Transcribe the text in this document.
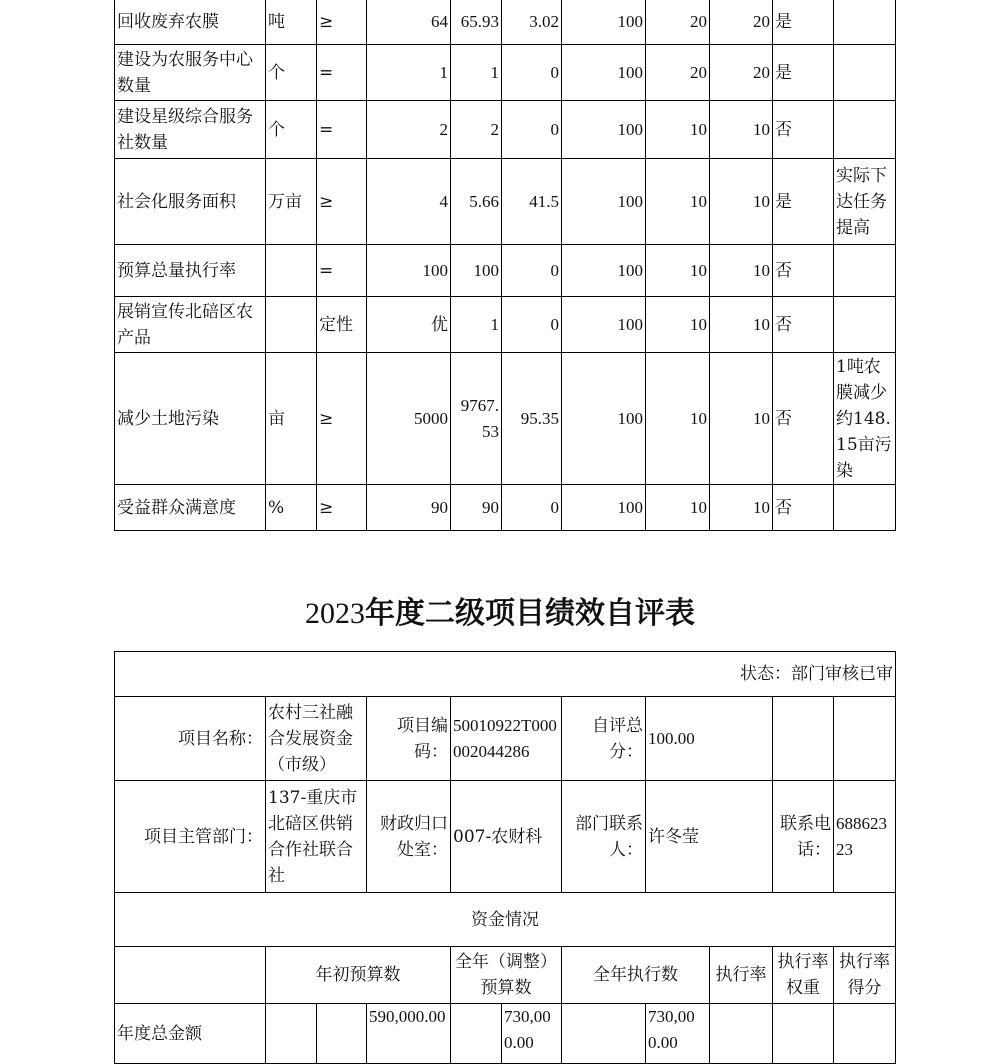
回收废弃农膜	吨	≥	64	65.93	3.02	100	20	20	是	
建设为农服务中心数量	个	=	1	1	0	100	20	20	是	
建设星级综合服务社数量	个	=	2	2	0	100	10	10	否	
社会化服务面积	万亩	≥	4	5.66	41.5	100	10	10	是	实际下达任务提高
预算总量执行率		=	100	100	0	100	10	10	否	
展销宣传北碚区农产品		定性	优	1	0	100	10	10	否	
减少土地污染	亩	≥	5000	9767.53	95.35	100	10	10	否	1吨农膜减少约148.15亩污染
受益群众满意度	%	≥	90	90	0	100	10	10	否	
2023年度二级项目绩效自评表
状态：部门审核已审										
项目名称：	农村三社融合发展资金（市级）		项目编码：	50010922T000002044286		自评总分：	100.00			
项目主管部门：	137-重庆市北碚区供销合作社联合社		财政归口处室：	007-农财科		部门联系人：	许冬莹		联系电话：	68862323
资金情况										
	年初预算数			全年（调整）预算数		全年执行数		执行率	执行率权重	执行率得分
年度总金额			590,000.00		730,000.00		730,000.00			
